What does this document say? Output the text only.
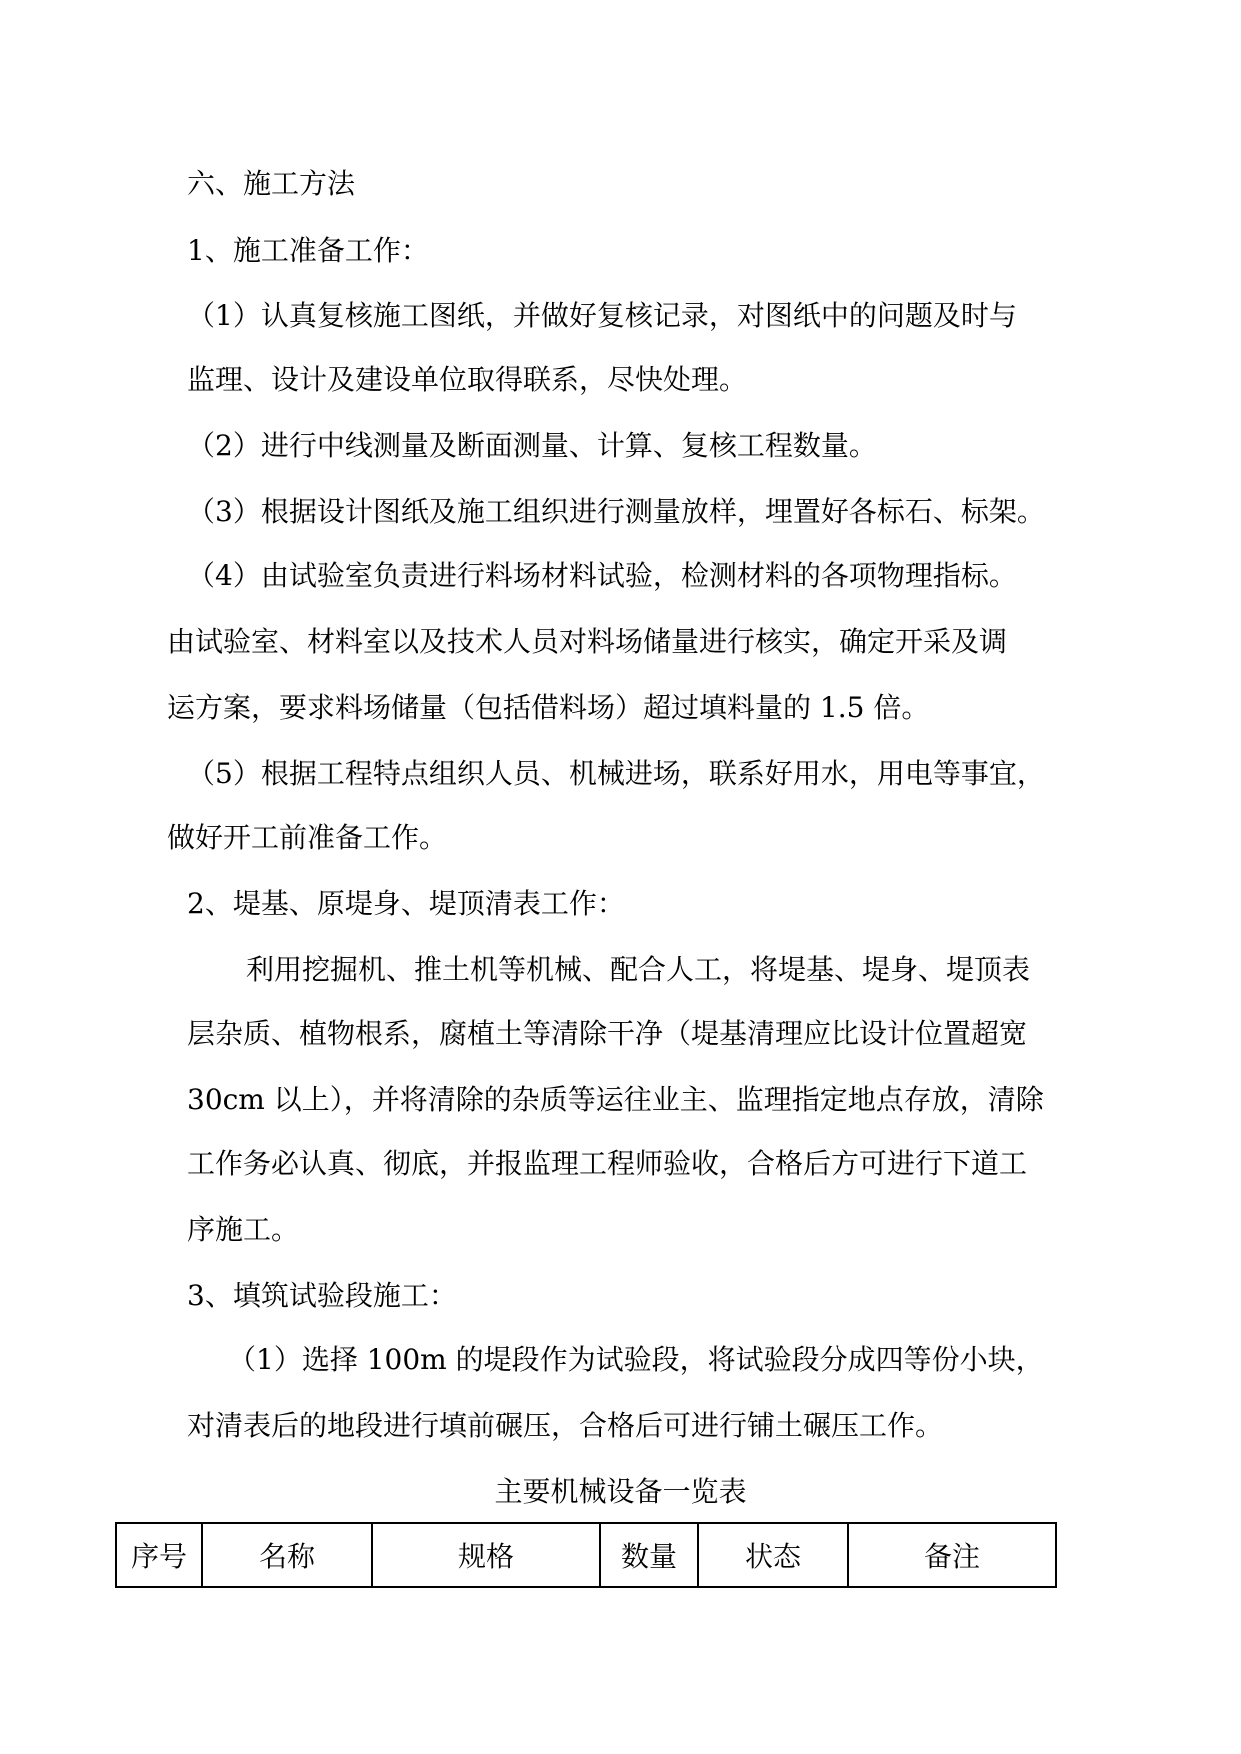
六、施工方法

1、施工准备工作：

（1）认真复核施工图纸，并做好复核记录，对图纸中的问题及时与

监理、设计及建设单位取得联系，尽快处理。

（2）进行中线测量及断面测量、计算、复核工程数量。

（3）根据设计图纸及施工组织进行测量放样，埋置好各标石、标架。

（4）由试验室负责进行料场材料试验，检测材料的各项物理指标。

由试验室、材料室以及技术人员对料场储量进行核实，确定开采及调

运方案，要求料场储量（包括借料场）超过填料量的 1.5 倍。

（5）根据工程特点组织人员、机械进场，联系好用水，用电等事宜，

做好开工前准备工作。

2、堤基、原堤身、堤顶清表工作：

利用挖掘机、推土机等机械、配合人工，将堤基、堤身、堤顶表

层杂质、植物根系，腐植土等清除干净（堤基清理应比设计位置超宽

30cm 以上），并将清除的杂质等运往业主、监理指定地点存放，清除

工作务必认真、彻底，并报监理工程师验收，合格后方可进行下道工

序施工。

3、填筑试验段施工：

（1）选择 100m 的堤段作为试验段，将试验段分成四等份小块，

对清表后的地段进行填前碾压，合格后可进行铺土碾压工作。

主要机械设备一览表

序号	名称	规格	数量	状态	备注
